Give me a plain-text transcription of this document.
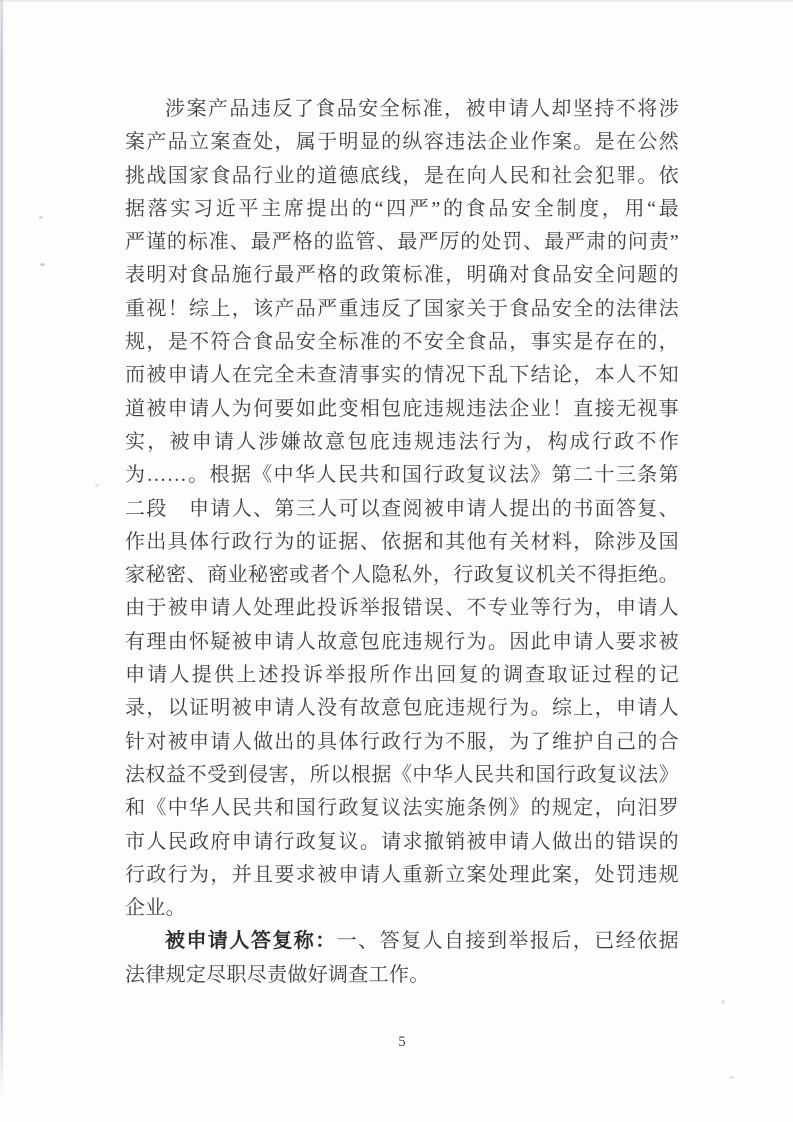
涉案产品违反了食品安全标准，被申请人却坚持不将涉
案产品立案查处，属于明显的纵容违法企业作案。是在公然
挑战国家食品行业的道德底线，是在向人民和社会犯罪。依
据落实习近平主席提出的“四严”的食品安全制度，用“最
严谨的标准、最严格的监管、最严厉的处罚、最严肃的问责”
表明对食品施行最严格的政策标准，明确对食品安全问题的
重视！综上，该产品严重违反了国家关于食品安全的法律法
规，是不符合食品安全标准的不安全食品，事实是存在的，
而被申请人在完全未查清事实的情况下乱下结论，本人不知
道被申请人为何要如此变相包庇违规违法企业！直接无视事
实，被申请人涉嫌故意包庇违规违法行为，构成行政不作
为……。根据《中华人民共和国行政复议法》第二十三条第
二段　申请人、第三人可以查阅被申请人提出的书面答复、
作出具体行政行为的证据、依据和其他有关材料，除涉及国
家秘密、商业秘密或者个人隐私外，行政复议机关不得拒绝。
由于被申请人处理此投诉举报错误、不专业等行为，申请人
有理由怀疑被申请人故意包庇违规行为。因此申请人要求被
申请人提供上述投诉举报所作出回复的调查取证过程的记
录，以证明被申请人没有故意包庇违规行为。综上，申请人
针对被申请人做出的具体行政行为不服，为了维护自己的合
法权益不受到侵害，所以根据《中华人民共和国行政复议法》
和《中华人民共和国行政复议法实施条例》的规定，向汨罗
市人民政府申请行政复议。请求撤销被申请人做出的错误的
行政行为，并且要求被申请人重新立案处理此案，处罚违规
企业。
被申请人答复称：一、答复人自接到举报后，已经依据
法律规定尽职尽责做好调查工作。
5
